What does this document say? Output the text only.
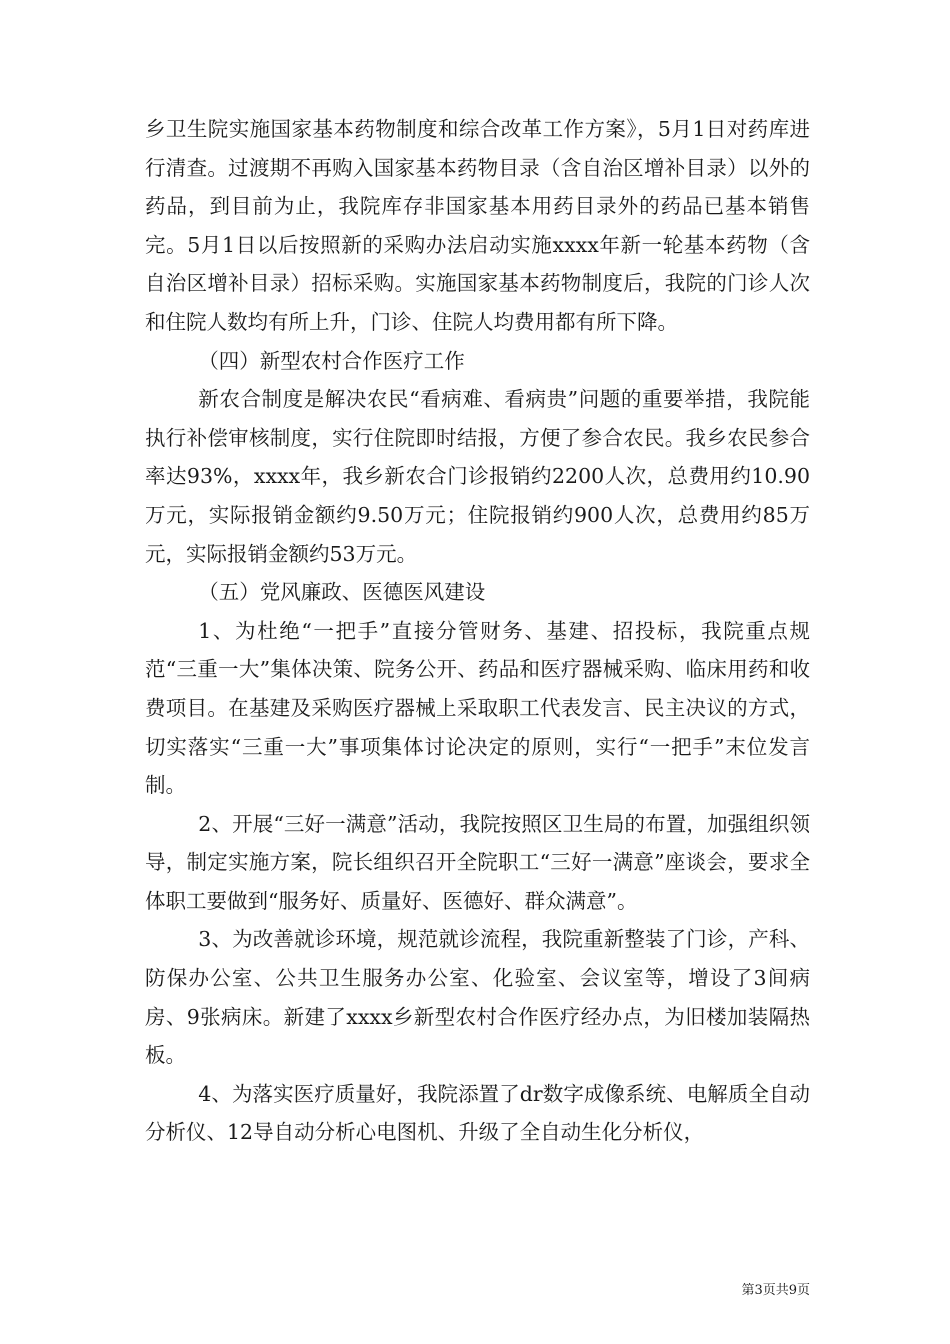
乡卫生院实施国家基本药物制度和综合改革工作方案》，5月1日对药库进行清查。过渡期不再购入国家基本药物目录（含自治区增补目录）以外的药品，到目前为止，我院库存非国家基本用药目录外的药品已基本销售完。5月1日以后按照新的采购办法启动实施xxxx年新一轮基本药物（含自治区增补目录）招标采购。实施国家基本药物制度后，我院的门诊人次和住院人数均有所上升，门诊、住院人均费用都有所下降。

（四）新型农村合作医疗工作

新农合制度是解决农民“看病难、看病贵”问题的重要举措，我院能执行补偿审核制度，实行住院即时结报，方便了参合农民。我乡农民参合率达93%，xxxx年，我乡新农合门诊报销约2200人次，总费用约10.90万元，实际报销金额约9.50万元；住院报销约900人次，总费用约85万元，实际报销金额约53万元。

（五）党风廉政、医德医风建设

1、为杜绝“一把手”直接分管财务、基建、招投标，我院重点规范“三重一大”集体决策、院务公开、药品和医疗器械采购、临床用药和收费项目。在基建及采购医疗器械上采取职工代表发言、民主决议的方式，切实落实“三重一大”事项集体讨论决定的原则，实行“一把手”末位发言制。

2、开展“三好一满意”活动，我院按照区卫生局的布置，加强组织领导，制定实施方案，院长组织召开全院职工“三好一满意”座谈会，要求全体职工要做到“服务好、质量好、医德好、群众满意”。

3、为改善就诊环境，规范就诊流程，我院重新整装了门诊，产科、防保办公室、公共卫生服务办公室、化验室、会议室等，增设了3间病房、9张病床。新建了xxxx乡新型农村合作医疗经办点，为旧楼加装隔热板。

4、为落实医疗质量好，我院添置了dr数字成像系统、电解质全自动分析仪、12导自动分析心电图机、升级了全自动生化分析仪，

第3页共9页
